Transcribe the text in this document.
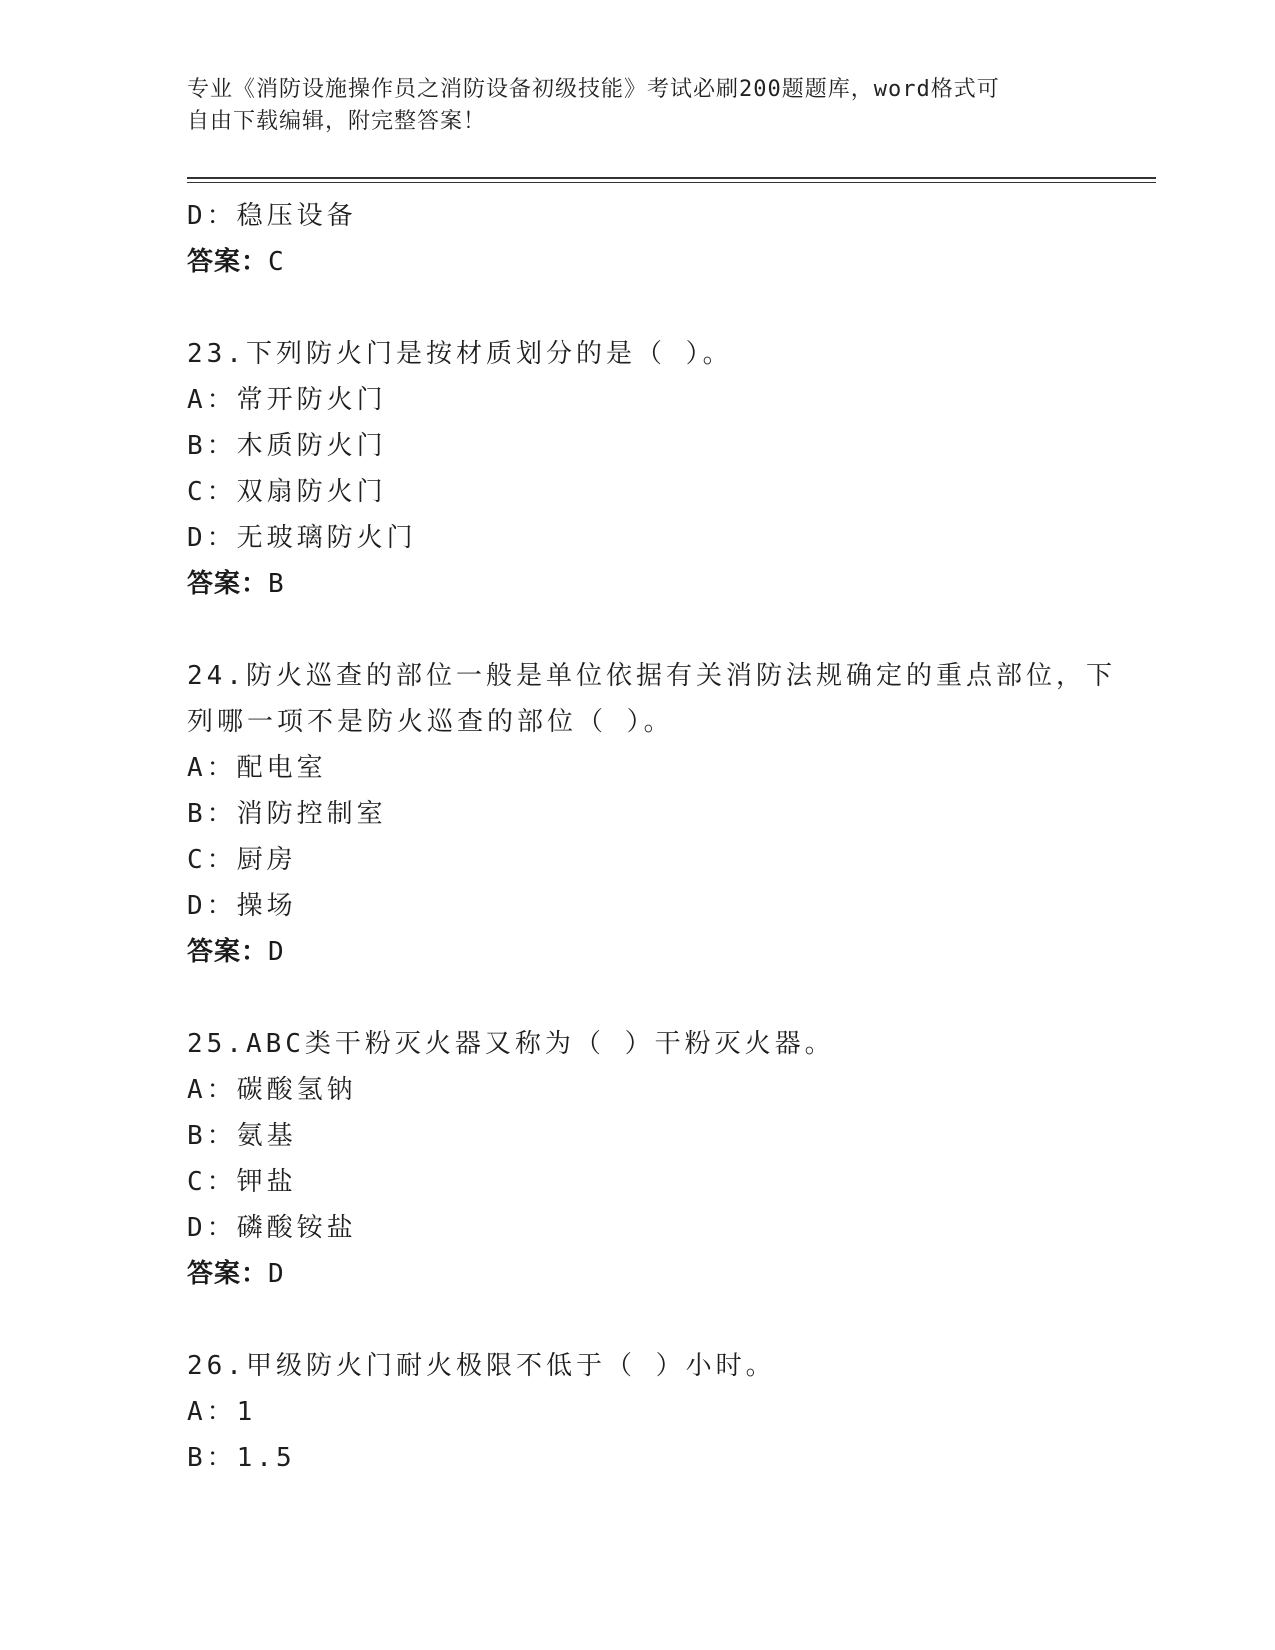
专业《消防设施操作员之消防设备初级技能》考试必刷200题题库，word格式可
自由下载编辑，附完整答案！
D：稳压设备
答案：C
23.下列防火门是按材质划分的是（ ）。
A：常开防火门
B：木质防火门
C：双扇防火门
D：无玻璃防火门
答案：B
24.防火巡查的部位一般是单位依据有关消防法规确定的重点部位，下
列哪一项不是防火巡查的部位（ ）。
A：配电室
B：消防控制室
C：厨房
D：操场
答案：D
25.ABC类干粉灭火器又称为（ ）干粉灭火器。
A：碳酸氢钠
B：氨基
C：钾盐
D：磷酸铵盐
答案：D
26.甲级防火门耐火极限不低于（ ）小时。
A：1
B：1.5
